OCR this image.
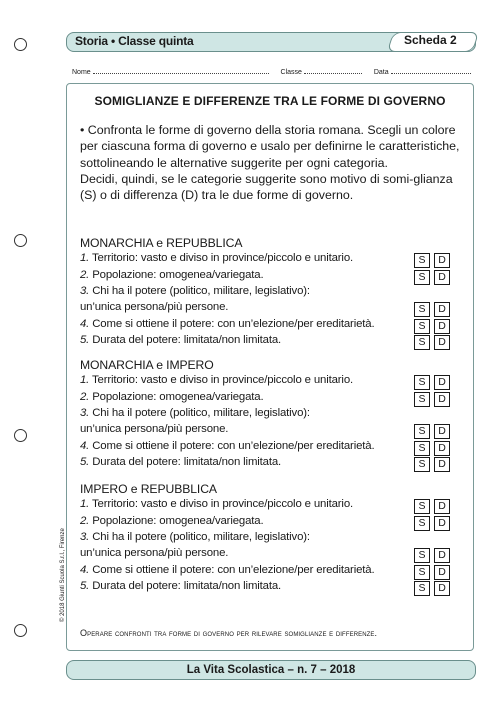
Storia • Classe quinta	Scheda 2
Nome	Classe	Data
SOMIGLIANZE E DIFFERENZE TRA LE FORME DI GOVERNO

• Confronta le forme di governo della storia romana. Scegli un colore per ciascuna forma di governo e usalo per definirne le caratteristiche, sottolineando le alternative suggerite per ogni categoria.

Decidi, quindi, se le categorie suggerite sono motivo di somi-glianza (S) o di differenza (D) tra le due forme di governo.

MONARCHIA e REPUBBLICA
1. Territorio: vasto e diviso in province/piccolo e unitario.	S	D
2. Popolazione: omogenea/variegata.	S	D
3. Chi ha il potere (politico, militare, legislativo):
un’unica persona/più persone.	S	D
4. Come si ottiene il potere: con un’elezione/per ereditarietà.	S	D
5. Durata del potere: limitata/non limitata.	S	D
MONARCHIA e IMPERO
1. Territorio: vasto e diviso in province/piccolo e unitario.	S	D
2. Popolazione: omogenea/variegata.	S	D
3. Chi ha il potere (politico, militare, legislativo):
un’unica persona/più persone.	S	D
4. Come si ottiene il potere: con un’elezione/per ereditarietà.	S	D
5. Durata del potere: limitata/non limitata.	S	D
IMPERO e REPUBBLICA
1. Territorio: vasto e diviso in province/piccolo e unitario.	S	D
2. Popolazione: omogenea/variegata.	S	D
3. Chi ha il potere (politico, militare, legislativo):
un’unica persona/più persone.	S	D
4. Come si ottiene il potere: con un’elezione/per ereditarietà.	S	D
5. Durata del potere: limitata/non limitata.	S	D
Operare confronti tra forme di governo per rilevare somiglianze e differenze.
© 2018 Giunti Scuola S.r.l., Firenze
La Vita Scolastica – n. 7 – 2018
